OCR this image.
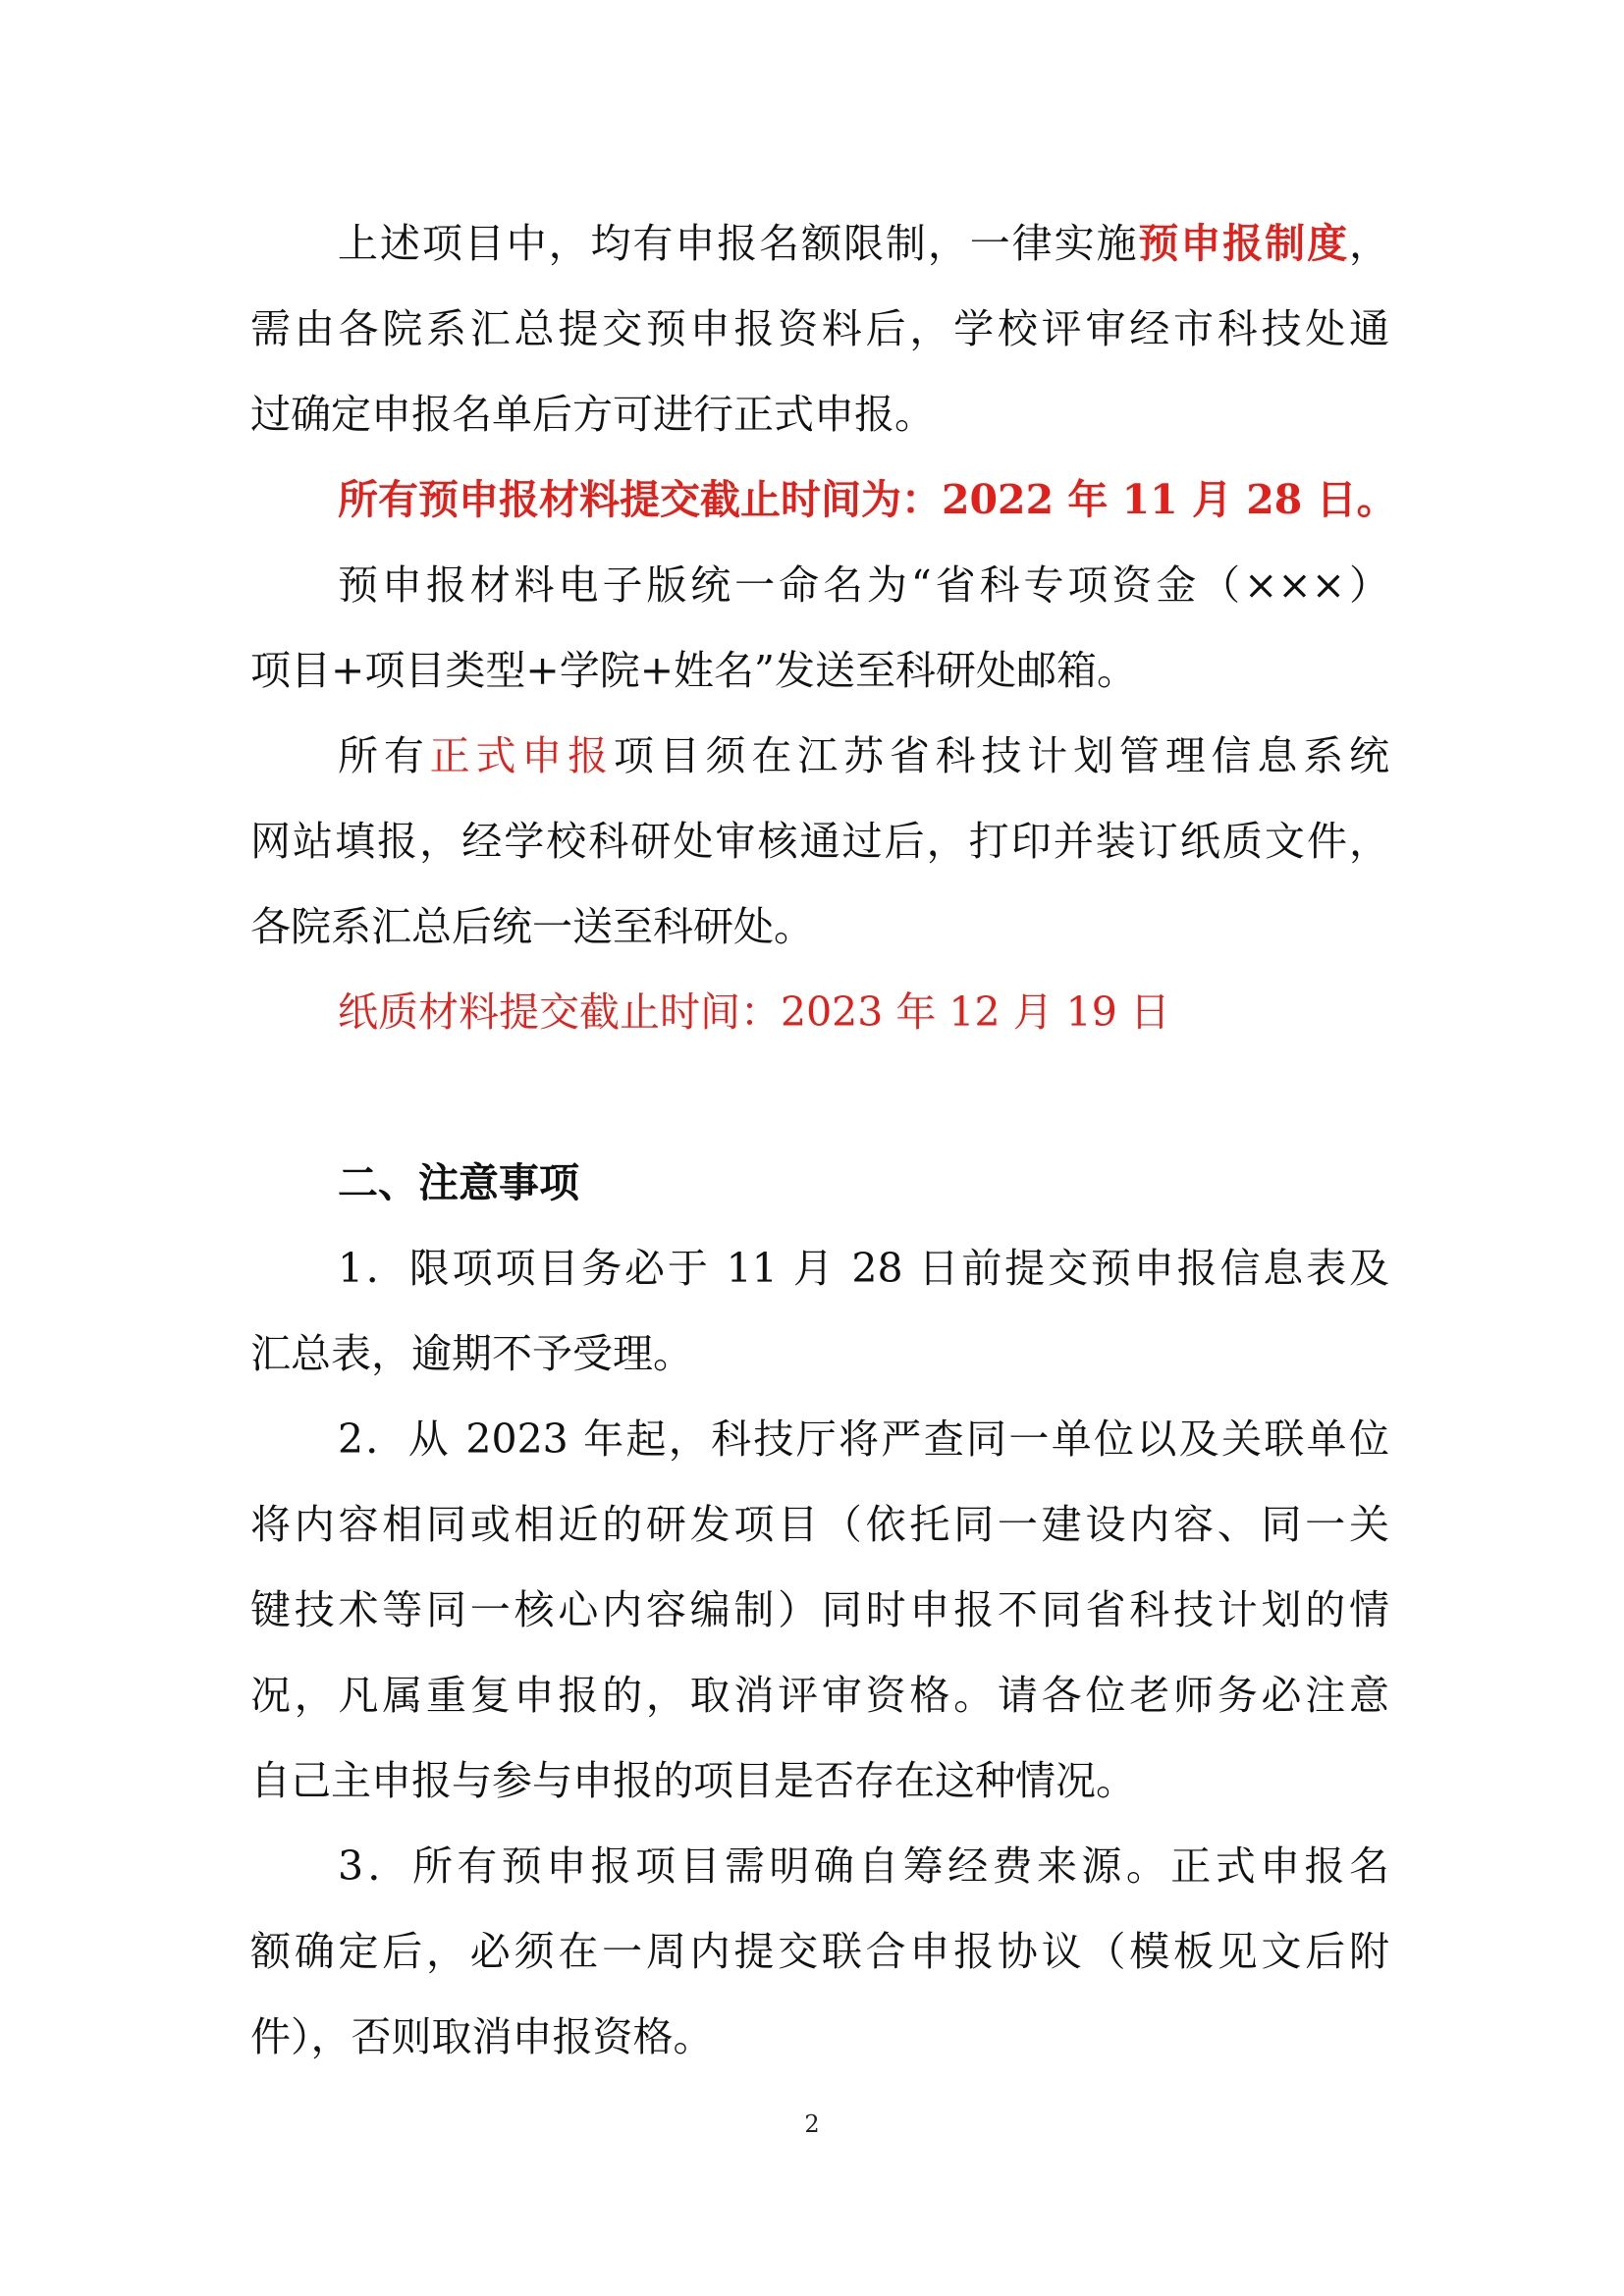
上述项目中，均有申报名额限制，一律实施预申报制度，
需由各院系汇总提交预申报资料后，学校评审经市科技处通
过确定申报名单后方可进行正式申报。
所有预申报材料提交截止时间为：2022 年 11 月 28 日。
预申报材料电子版统一命名为“省科专项资金（×××）
项目+项目类型+学院+姓名”发送至科研处邮箱。
所有正式申报项目须在江苏省科技计划管理信息系统
网站填报，经学校科研处审核通过后，打印并装订纸质文件，
各院系汇总后统一送至科研处。
纸质材料提交截止时间：2023 年 12 月 19 日
二、注意事项
1．限项项目务必于 11 月 28 日前提交预申报信息表及
汇总表，逾期不予受理。
2．从 2023 年起，科技厅将严查同一单位以及关联单位
将内容相同或相近的研发项目（依托同一建设内容、同一关
键技术等同一核心内容编制）同时申报不同省科技计划的情
况，凡属重复申报的，取消评审资格。请各位老师务必注意
自己主申报与参与申报的项目是否存在这种情况。
3．所有预申报项目需明确自筹经费来源。正式申报名
额确定后，必须在一周内提交联合申报协议（模板见文后附
件），否则取消申报资格。
2
